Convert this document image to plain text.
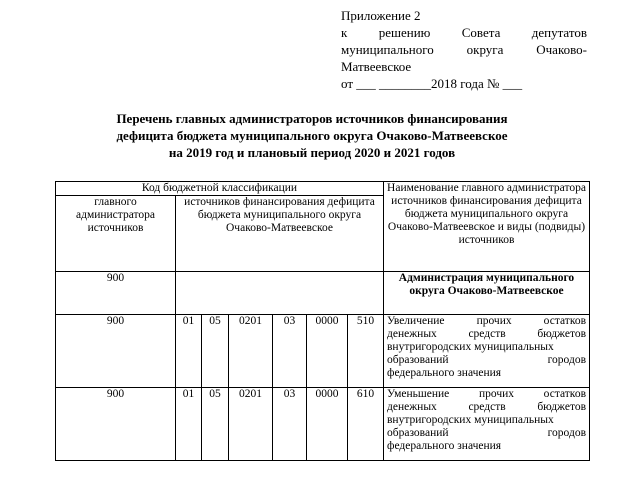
Приложение 2
к решению Совета депутатов
муниципального округа Очаково-
Матвеевское
от ___ ________2018 года № ___
Перечень главных администраторов источников финансирования
дефицита бюджета муниципального округа Очаково-Матвеевское
на 2019 год и плановый период 2020 и 2021 годов
Код бюджетной классификации							Наименование главного администратора источников финансирования дефицита бюджета муниципального округа Очаково-Матвеевское и виды (подвиды) источников
главного администратора источников	источников финансирования дефицита бюджета муниципального округа Очаково-Матвеевское						
900							Администрация муниципального округа Очаково-Матвеевское
900	01	05	0201	03	0000	510	Увеличение прочих остатков
денежных средств бюджетов
внутригородских муниципальных
образований городов
федерального значения

900	01	05	0201	03	0000	610	Уменьшение прочих остатков
денежных средств бюджетов
внутригородских муниципальных
образований городов
федерального значения
